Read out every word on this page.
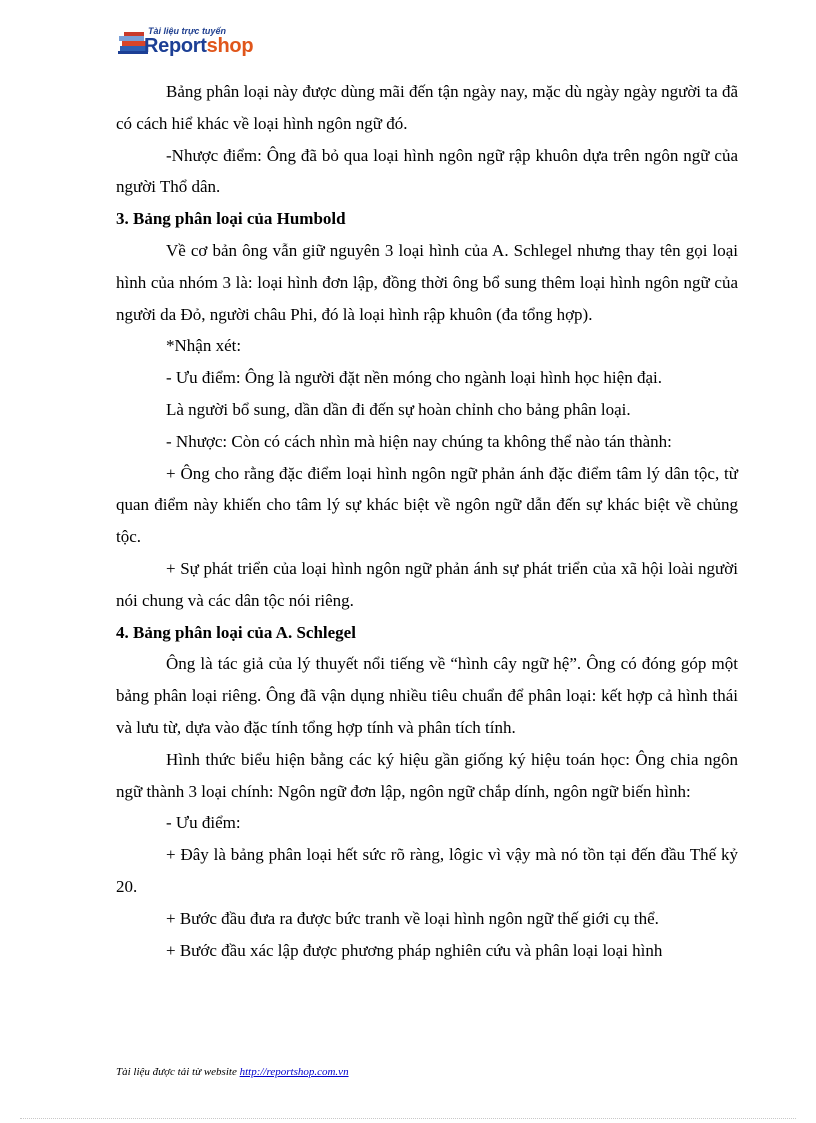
Tài liệu trực tuyến
Reportshop

Bảng phân loại này được dùng mãi đến tận ngày nay, mặc dù ngày ngày người ta đã có cách hiể khác về loại hình ngôn ngữ đó.

-Nhược điểm: Ông đã bỏ qua loại hình ngôn ngữ rập khuôn dựa trên ngôn ngữ của người Thổ dân.

3. Bảng phân loại của Humbold

Về cơ bản ông vẫn giữ nguyên 3 loại hình của A. Schlegel nhưng thay tên gọi loại hình của nhóm 3 là: loại hình đơn lập, đồng thời ông bổ sung thêm loại hình ngôn ngữ của người da Đỏ, người châu Phi, đó là loại hình rập khuôn (đa tổng hợp).

*Nhận xét:

- Ưu điểm: Ông là người đặt nền móng cho ngành loại hình học hiện đại.

Là người bổ sung, dần dần đi đến sự hoàn chỉnh cho bảng phân loại.

- Nhược: Còn có cách nhìn mà hiện nay chúng ta không thể nào tán thành:

+ Ông cho rằng đặc điểm loại hình ngôn ngữ phản ánh đặc điểm tâm lý dân tộc, từ quan điểm này khiến cho tâm lý sự khác biệt về ngôn ngữ dẫn đến sự khác biệt về chủng tộc.

+ Sự phát triển của loại hình ngôn ngữ phản ánh sự phát triển của xã hội loài người nói chung và các dân tộc nói riêng.

4. Bảng phân loại của A. Schlegel

Ông là tác giả của lý thuyết nổi tiếng về “hình cây ngữ hệ”. Ông có đóng góp một bảng phân loại riêng. Ông đã vận dụng nhiều tiêu chuẩn để phân loại: kết hợp cả hình thái và lưu từ, dựa vào đặc tính tổng hợp tính và phân tích tính.

Hình thức biểu hiện bằng các ký hiệu gần giống ký hiệu toán học: Ông chia ngôn ngữ thành 3 loại chính: Ngôn ngữ đơn lập, ngôn ngữ chắp dính, ngôn ngữ biến hình:

- Ưu điểm:

+ Đây là bảng phân loại hết sức rõ ràng, lôgic vì vậy mà nó tồn tại đến đầu Thế kỷ 20.

+ Bước đầu đưa ra được bức tranh về loại hình ngôn ngữ thế giới cụ thể.

+ Bước đầu xác lập được phương pháp nghiên cứu và phân loại loại hình

Tài liệu được tải từ website http://reportshop.com.vn
